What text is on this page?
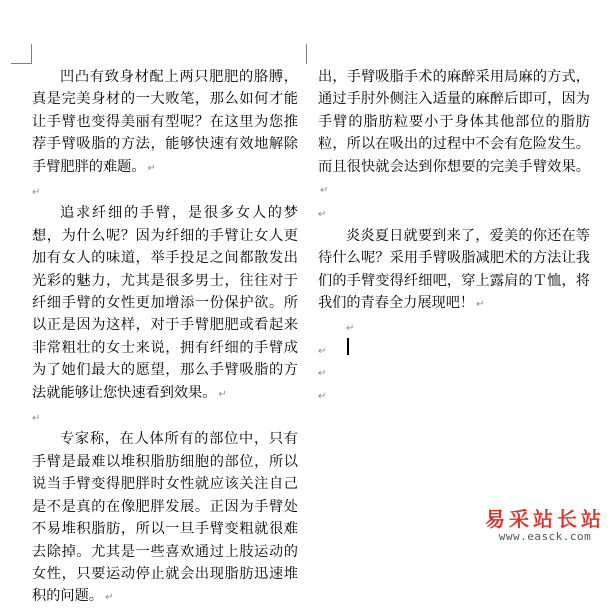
凹凸有致身材配上两只肥肥的胳膊，真是完美身材的一大败笔，那么如何才能让手臂也变得美丽有型呢？在这里为您推荐手臂吸脂的方法，能够快速有效地解除手臂肥胖的难题。 ↵

↵

追求纤细的手臂，是很多女人的梦想，为什么呢？因为纤细的手臂让女人更加有女人的味道，举手投足之间都散发出光彩的魅力，尤其是很多男士，往往对于纤细手臂的女性更加增添一份保护欲。所以正是因为这样，对于手臂肥肥或看起来非常粗壮的女士来说，拥有纤细的手臂成为了她们最大的愿望，那么手臂吸脂的方法就能够让您快速看到效果。 ↵

↵

专家称，在人体所有的部位中，只有手臂是最难以堆积脂肪细胞的部位，所以说当手臂变得肥胖时女性就应该关注自己是不是真的在像肥胖发展。正因为手臂处不易堆积脂肪，所以一旦手臂变粗就很难去除掉。尤其是一些喜欢通过上肢运动的女性，只要运动停止就会出现脂肪迅速堆积的问题。 ↵

出，手臂吸脂手术的麻醉采用局麻的方式，通过手肘外侧注入适量的麻醉后即可，因为手臂的脂肪粒要小于身体其他部位的脂肪粒，所以在吸出的过程中不会有危险发生。而且很快就会达到你想要的完美手臂效果。↵

↵

炎炎夏日就要到来了，爱美的你还在等待什么呢？采用手臂吸脂减肥术的方法让我们的手臂变得纤细吧，穿上露肩的Ｔ恤，将我们的青春全力展现吧！ ↵

↵

↵

↵

↵

易采站长站
www.easck.com
